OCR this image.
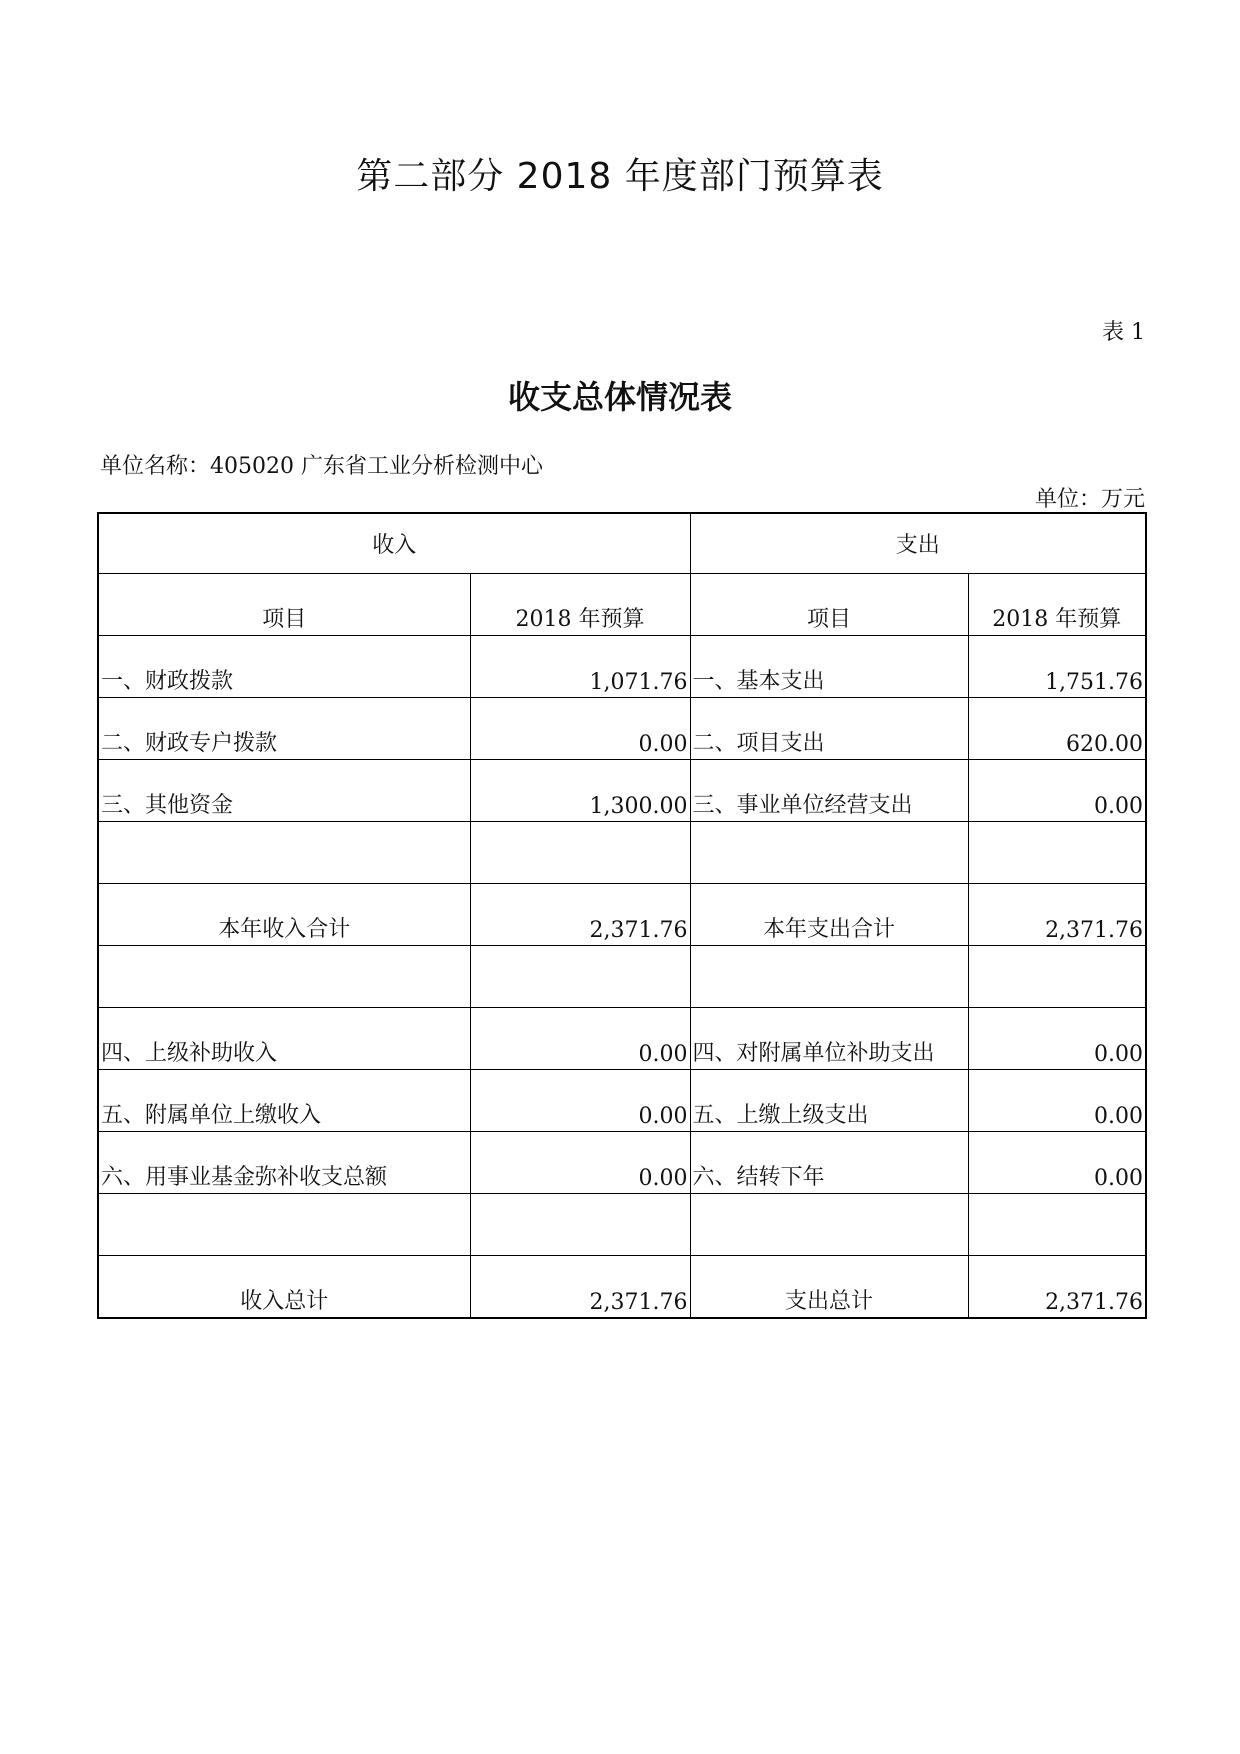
第二部分 2018 年度部门预算表
表 1
收支总体情况表
单位名称：405020 广东省工业分析检测中心
单位：万元
收入		支出	
项目	2018 年预算	项目	2018 年预算
一、财政拨款	1,071.76	一、基本支出	1,751.76
二、财政专户拨款	0.00	二、项目支出	620.00
三、其他资金	1,300.00	三、事业单位经营支出	0.00

本年收入合计	2,371.76	本年支出合计	2,371.76

四、上级补助收入	0.00	四、对附属单位补助支出	0.00
五、附属单位上缴收入	0.00	五、上缴上级支出	0.00
六、用事业基金弥补收支总额	0.00	六、结转下年	0.00

收入总计	2,371.76	支出总计	2,371.76
